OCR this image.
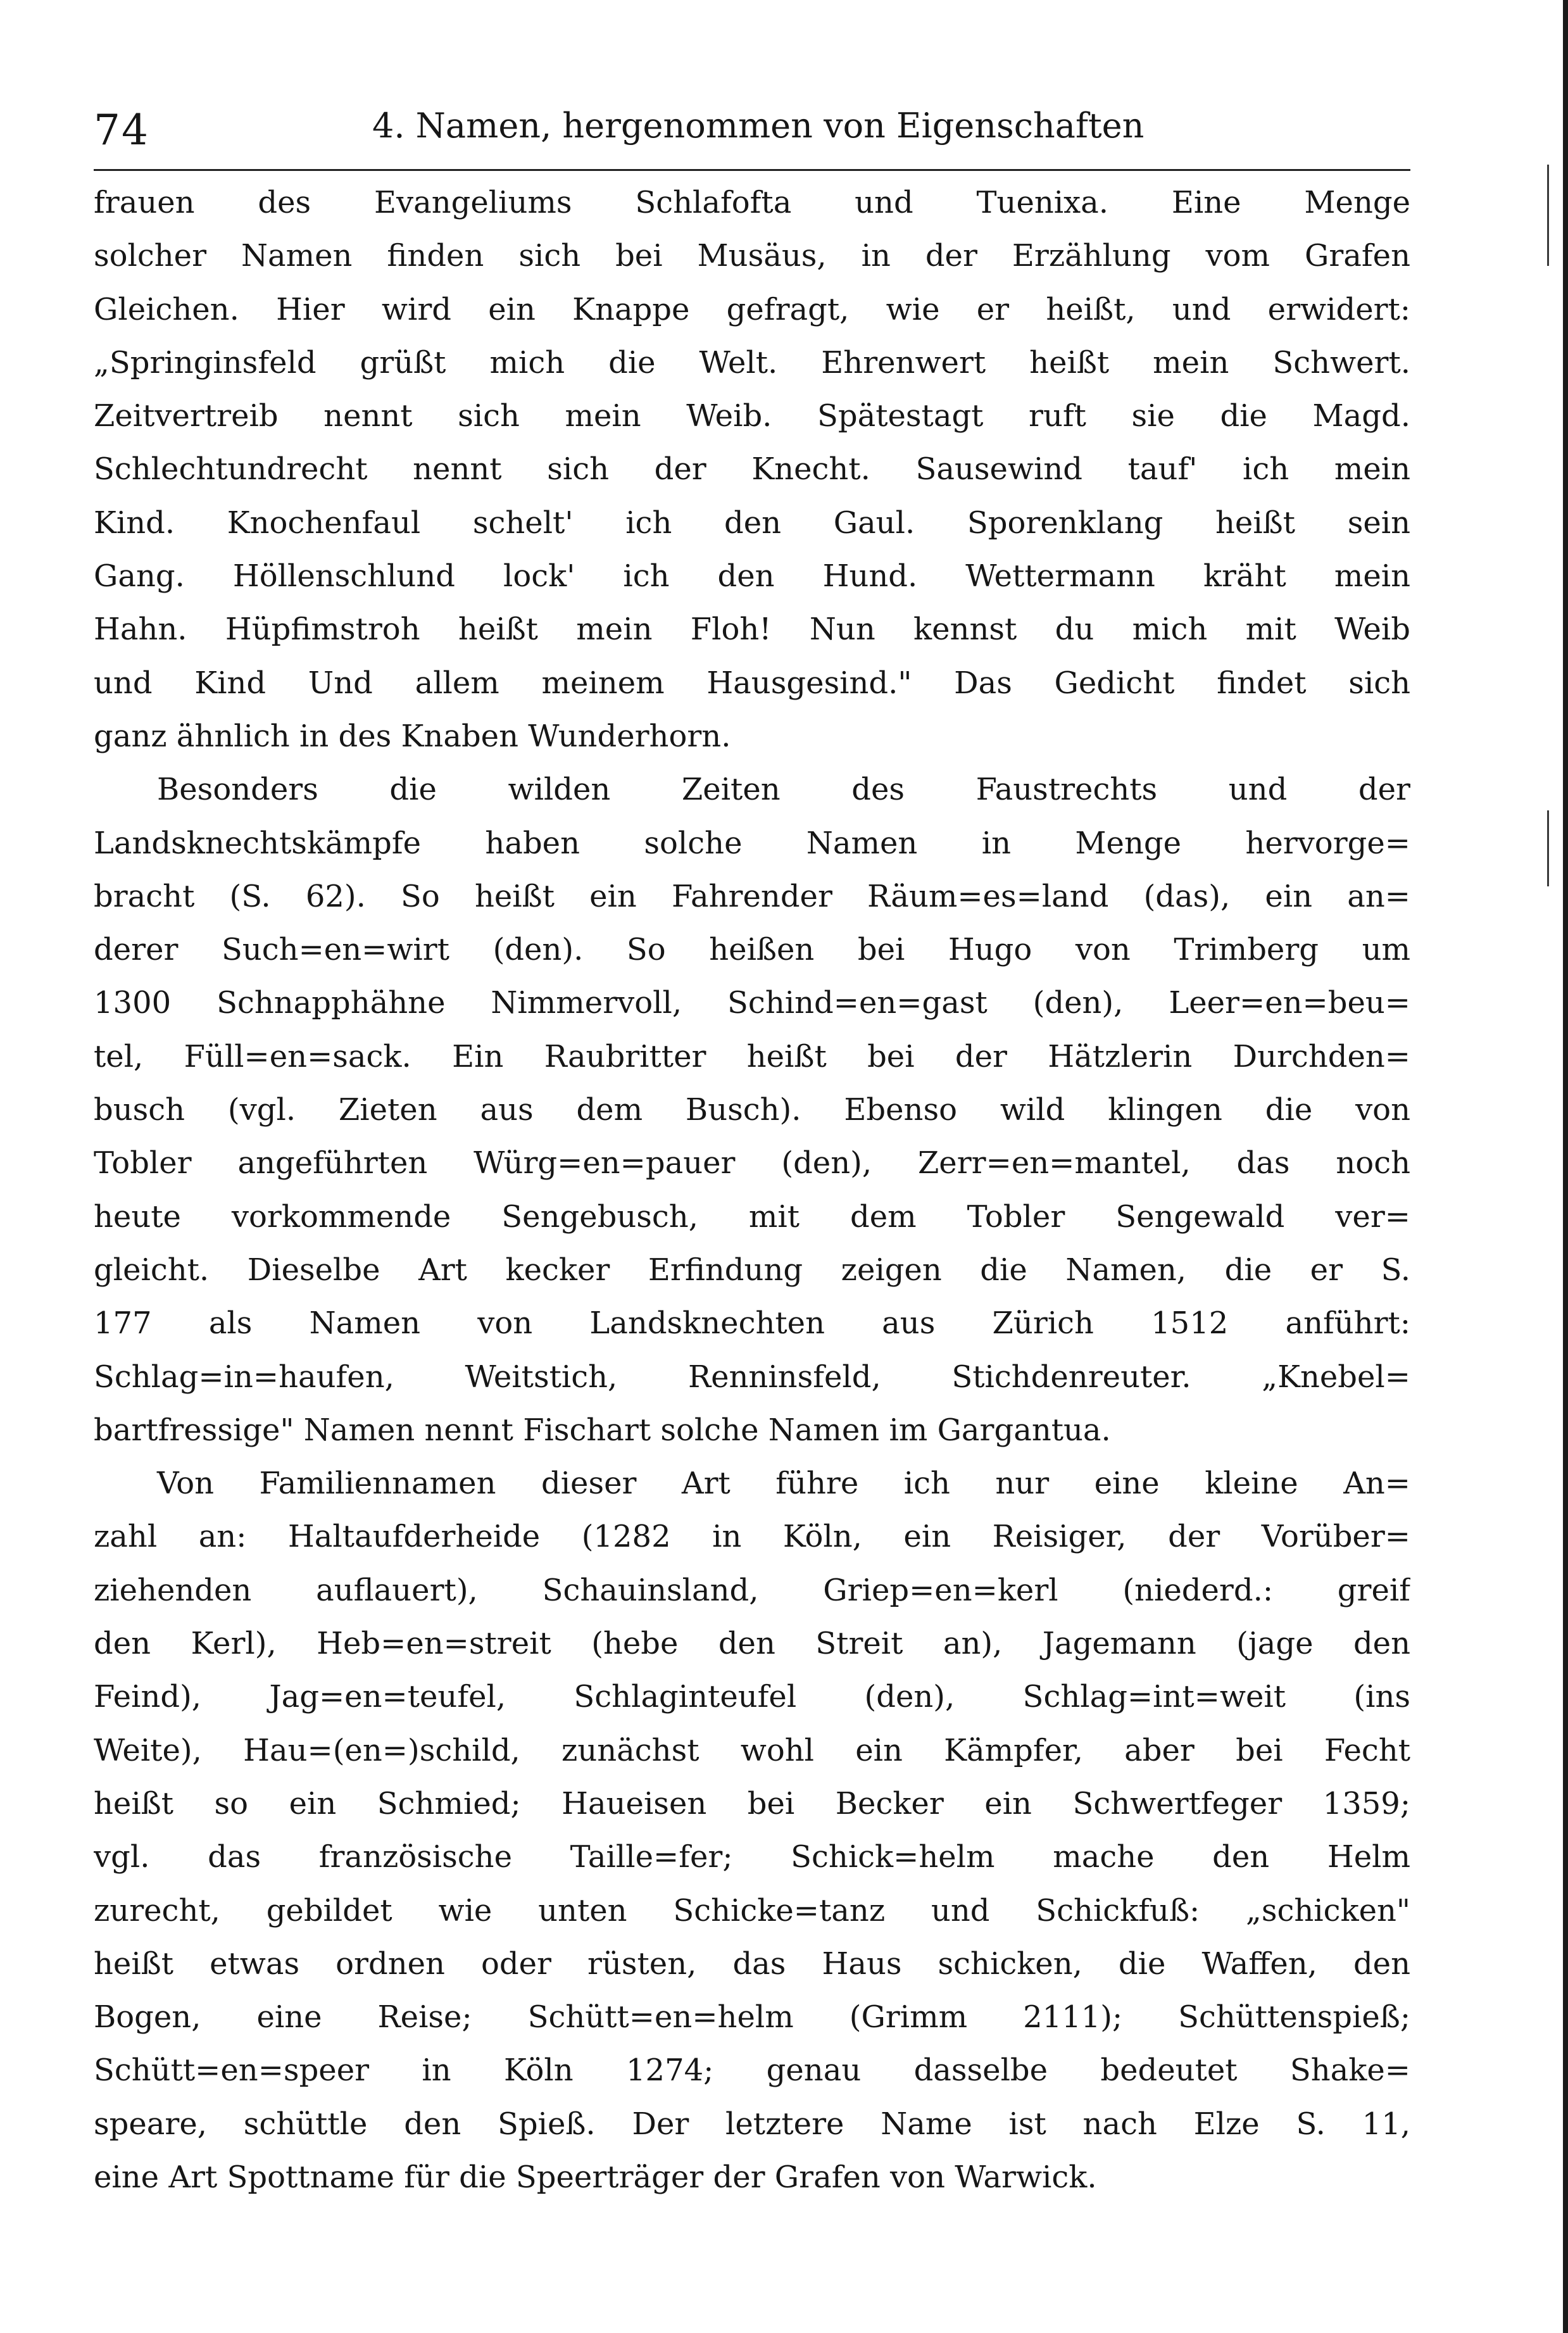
74	4. Namen, hergenommen von Eigenschaften
frauen des Evangeliums Schlafofta und Tuenixa. Eine Menge
solcher Namen finden sich bei Musäus, in der Erzählung vom Grafen
Gleichen. Hier wird ein Knappe gefragt, wie er heißt, und erwidert:
„Springinsfeld grüßt mich die Welt. Ehrenwert heißt mein Schwert.
Zeitvertreib nennt sich mein Weib. Spätestagt ruft sie die Magd.
Schlechtundrecht nennt sich der Knecht. Sausewind tauf' ich mein
Kind. Knochenfaul schelt' ich den Gaul. Sporenklang heißt sein
Gang. Höllenschlund lock' ich den Hund. Wettermann kräht mein
Hahn. Hüpfimstroh heißt mein Floh! Nun kennst du mich mit Weib
und Kind Und allem meinem Hausgesind." Das Gedicht findet sich
ganz ähnlich in des Knaben Wunderhorn.
Besonders die wilden Zeiten des Faustrechts und der
Landsknechtskämpfe haben solche Namen in Menge hervorge=
bracht (S. 62). So heißt ein Fahrender Räum=es=land (das), ein an=
derer Such=en=wirt (den). So heißen bei Hugo von Trimberg um
1300 Schnapphähne Nimmervoll, Schind=en=gast (den), Leer=en=beu=
tel, Füll=en=sack. Ein Raubritter heißt bei der Hätzlerin Durchden=
busch (vgl. Zieten aus dem Busch). Ebenso wild klingen die von
Tobler angeführten Würg=en=pauer (den), Zerr=en=mantel, das noch
heute vorkommende Sengebusch, mit dem Tobler Sengewald ver=
gleicht. Dieselbe Art kecker Erfindung zeigen die Namen, die er S.
177 als Namen von Landsknechten aus Zürich 1512 anführt:
Schlag=in=haufen, Weitstich, Renninsfeld, Stichdenreuter. „Knebel=
bartfressige" Namen nennt Fischart solche Namen im Gargantua.
Von Familiennamen dieser Art führe ich nur eine kleine An=
zahl an: Haltaufderheide (1282 in Köln, ein Reisiger, der Vorüber=
ziehenden auflauert), Schauinsland, Griep=en=kerl (niederd.: greif
den Kerl), Heb=en=streit (hebe den Streit an), Jagemann (jage den
Feind), Jag=en=teufel, Schlaginteufel (den), Schlag=int=weit (ins
Weite), Hau=(en=)schild, zunächst wohl ein Kämpfer, aber bei Fecht
heißt so ein Schmied; Haueisen bei Becker ein Schwertfeger 1359;
vgl. das französische Taille=fer; Schick=helm mache den Helm
zurecht, gebildet wie unten Schicke=tanz und Schickfuß: „schicken"
heißt etwas ordnen oder rüsten, das Haus schicken, die Waffen, den
Bogen, eine Reise; Schütt=en=helm (Grimm 2111); Schüttenspieß;
Schütt=en=speer in Köln 1274; genau dasselbe bedeutet Shake=
speare, schüttle den Spieß. Der letztere Name ist nach Elze S. 11,
eine Art Spottname für die Speerträger der Grafen von Warwick.
